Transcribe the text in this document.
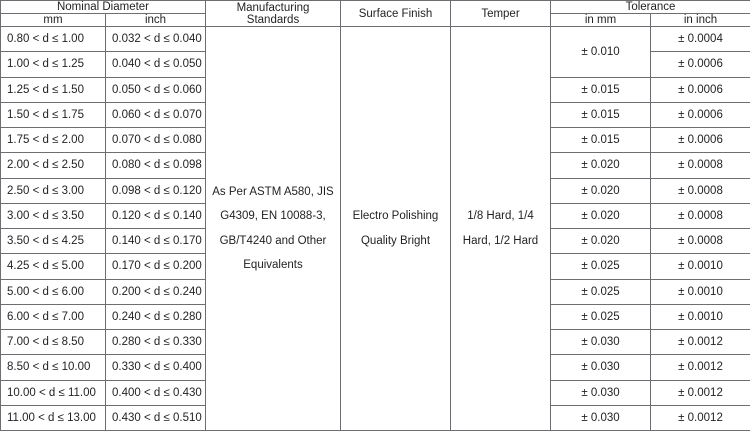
Nominal Diameter		Manufacturing Standards	Surface Finish	Temper	Tolerance	
mm	inch				in mm	in inch
0.80 < d ≤ 1.00	0.032 < d ≤ 0.040	As Per ASTM A580, JIS G4309, EN 10088-3, GB/T4240 and Other Equivalents	Electro Polishing Quality Bright	1/8 Hard, 1/4 Hard, 1/2 Hard	± 0.010	± 0.0004
1.00 < d ≤ 1.25	0.040 < d ≤ 0.050					± 0.0006
1.25 < d ≤ 1.50	0.050 < d ≤ 0.060				± 0.015	± 0.0006
1.50 < d ≤ 1.75	0.060 < d ≤ 0.070				± 0.015	± 0.0006
1.75 < d ≤ 2.00	0.070 < d ≤ 0.080				± 0.015	± 0.0006
2.00 < d ≤ 2.50	0.080 < d ≤ 0.098				± 0.020	± 0.0008
2.50 < d ≤ 3.00	0.098 < d ≤ 0.120				± 0.020	± 0.0008
3.00 < d ≤ 3.50	0.120 < d ≤ 0.140				± 0.020	± 0.0008
3.50 < d ≤ 4.25	0.140 < d ≤ 0.170				± 0.020	± 0.0008
4.25 < d ≤ 5.00	0.170 < d ≤ 0.200				± 0.025	± 0.0010
5.00 < d ≤ 6.00	0.200 < d ≤ 0.240				± 0.025	± 0.0010
6.00 < d ≤ 7.00	0.240 < d ≤ 0.280				± 0.025	± 0.0010
7.00 < d ≤ 8.50	0.280 < d ≤ 0.330				± 0.030	± 0.0012
8.50 < d ≤ 10.00	0.330 < d ≤ 0.400				± 0.030	± 0.0012
10.00 < d ≤ 11.00	0.400 < d ≤ 0.430				± 0.030	± 0.0012
11.00 < d ≤ 13.00	0.430 < d ≤ 0.510				± 0.030	± 0.0012
